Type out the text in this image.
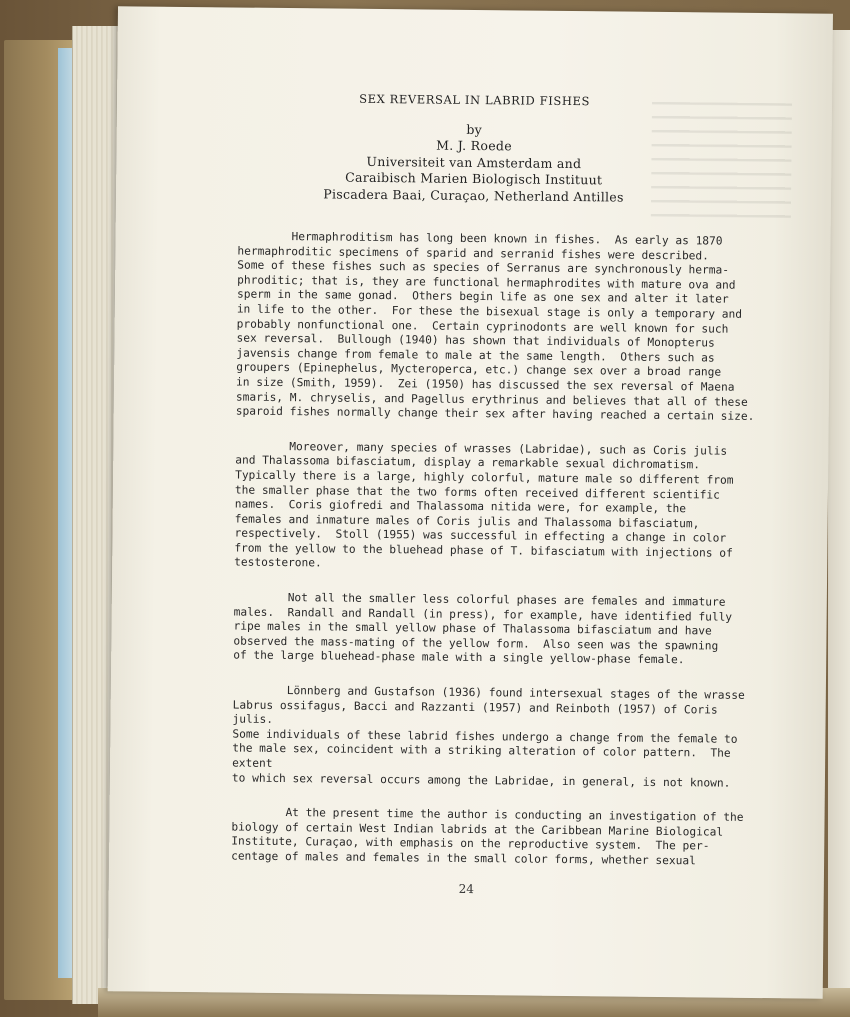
SEX REVERSAL IN LABRID FISHES
by
M. J. Roede
Universiteit van Amsterdam and
Caraibisch Marien Biologisch Instituut
Piscadera Baai, Curaçao, Netherland Antilles

Hermaphroditism has long been known in fishes.  As early as 1870
hermaphroditic specimens of sparid and serranid fishes were described.
Some of these fishes such as species of Serranus are synchronously herma-
phroditic; that is, they are functional hermaphrodites with mature ova and
sperm in the same gonad.  Others begin life as one sex and alter it later
in life to the other.  For these the bisexual stage is only a temporary and
probably nonfunctional one.  Certain cyprinodonts are well known for such
sex reversal.  Bullough (1940) has shown that individuals of Monopterus
javensis change from female to male at the same length.  Others such as
groupers (Epinephelus, Mycteroperca, etc.) change sex over a broad range
in size (Smith, 1959).  Zei (1950) has discussed the sex reversal of Maena
smaris, M. chryselis, and Pagellus erythrinus and believes that all of these
sparoid fishes normally change their sex after having reached a certain size.

Moreover, many species of wrasses (Labridae), such as Coris julis
and Thalassoma bifasciatum, display a remarkable sexual dichromatism.
Typically there is a large, highly colorful, mature male so different from
the smaller phase that the two forms often received different scientific
names.  Coris giofredi and Thalassoma nitida were, for example, the
females and inmature males of Coris julis and Thalassoma bifasciatum,
respectively.  Stoll (1955) was successful in effecting a change in color
from the yellow to the bluehead phase of T. bifasciatum with injections of
testosterone.

Not all the smaller less colorful phases are females and immature
males.  Randall and Randall (in press), for example, have identified fully
ripe males in the small yellow phase of Thalassoma bifasciatum and have
observed the mass-mating of the yellow form.  Also seen was the spawning
of the large bluehead-phase male with a single yellow-phase female.

Lönnberg and Gustafson (1936) found intersexual stages of the wrasse
Labrus ossifagus, Bacci and Razzanti (1957) and Reinboth (1957) of Coris julis.
Some individuals of these labrid fishes undergo a change from the female to
the male sex, coincident with a striking alteration of color pattern.  The extent
to which sex reversal occurs among the Labridae, in general, is not known.

At the present time the author is conducting an investigation of the
biology of certain West Indian labrids at the Caribbean Marine Biological
Institute, Curaçao, with emphasis on the reproductive system.  The per-
centage of males and females in the small color forms, whether sexual

24
